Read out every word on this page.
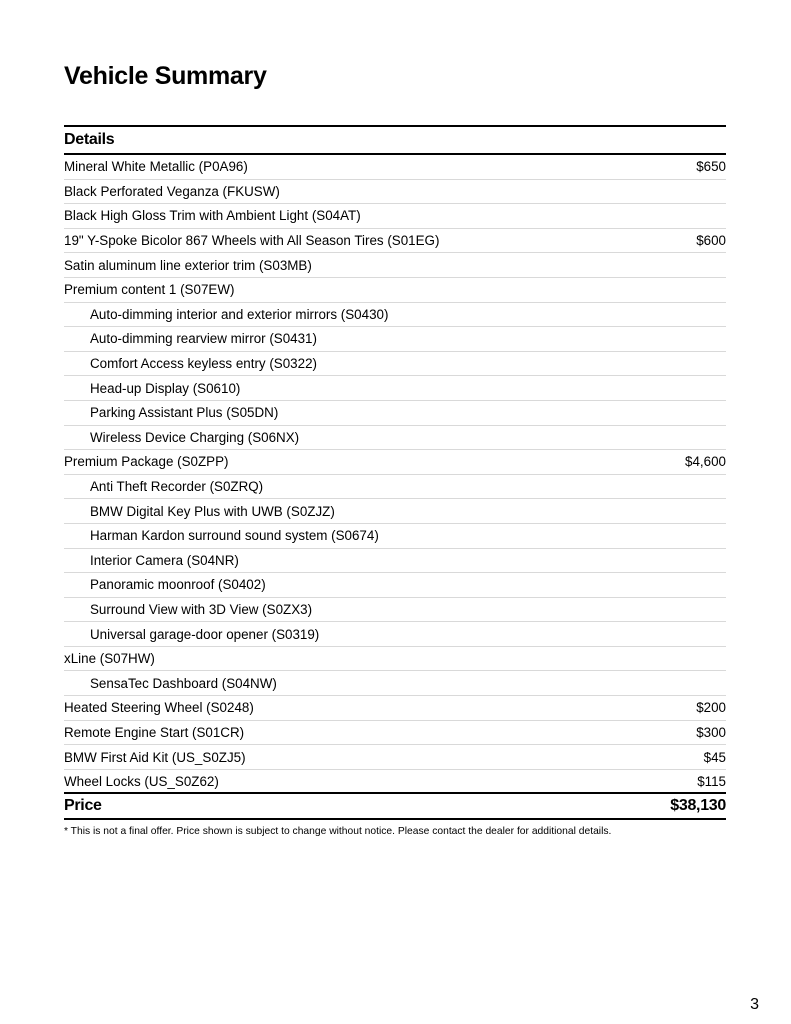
Vehicle Summary
Details
Mineral White Metallic (P0A96)	$650
Black Perforated Veganza (FKUSW)
Black High Gloss Trim with Ambient Light (S04AT)
19" Y-Spoke Bicolor 867 Wheels with All Season Tires (S01EG)	$600
Satin aluminum line exterior trim (S03MB)
Premium content 1 (S07EW)
Auto-dimming interior and exterior mirrors (S0430)
Auto-dimming rearview mirror (S0431)
Comfort Access keyless entry (S0322)
Head-up Display (S0610)
Parking Assistant Plus (S05DN)
Wireless Device Charging (S06NX)
Premium Package (S0ZPP)	$4,600
Anti Theft Recorder (S0ZRQ)
BMW Digital Key Plus with UWB (S0ZJZ)
Harman Kardon surround sound system (S0674)
Interior Camera (S04NR)
Panoramic moonroof (S0402)
Surround View with 3D View (S0ZX3)
Universal garage-door opener (S0319)
xLine (S07HW)
SensaTec Dashboard (S04NW)
Heated Steering Wheel (S0248)	$200
Remote Engine Start (S01CR)	$300
BMW First Aid Kit (US_S0ZJ5)	$45
Wheel Locks (US_S0Z62)	$115
Price	$38,130
* This is not a final offer. Price shown is subject to change without notice. Please contact the dealer for additional details.
3
